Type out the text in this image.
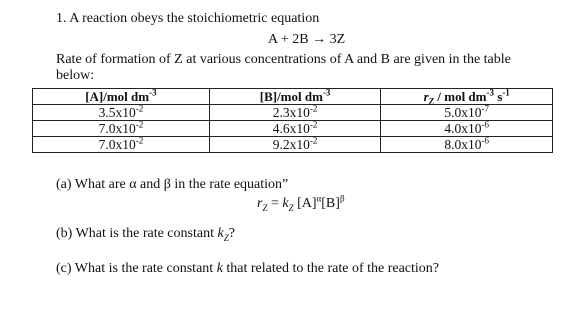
1. A reaction obeys the stoichiometric equation
A + 2B → 3Z
Rate of formation of Z at various concentrations of A and B are given in the table
below:
[A]/mol $dm^{-3}$	[B]/mol $dm^{-3}$	$r_Z$ / mol $dm^{-3}$ $s^{-1}$
$3.5x10^{-2}$	$2.3x10^{-2}$	$5.0x10^{-7}$
$7.0x10^{-2}$	$4.6x10^{-2}$	$4.0x10^{-6}$
$7.0x10^{-2}$	$9.2x10^{-2}$	$8.0x10^{-6}$
(a) What are α and β in the rate equation”
$r_Z = k_Z$ $[A]^\alpha[B]^\beta$
(b) What is the rate constant $k_Z$?
(c) What is the rate constant k that related to the rate of the reaction?
